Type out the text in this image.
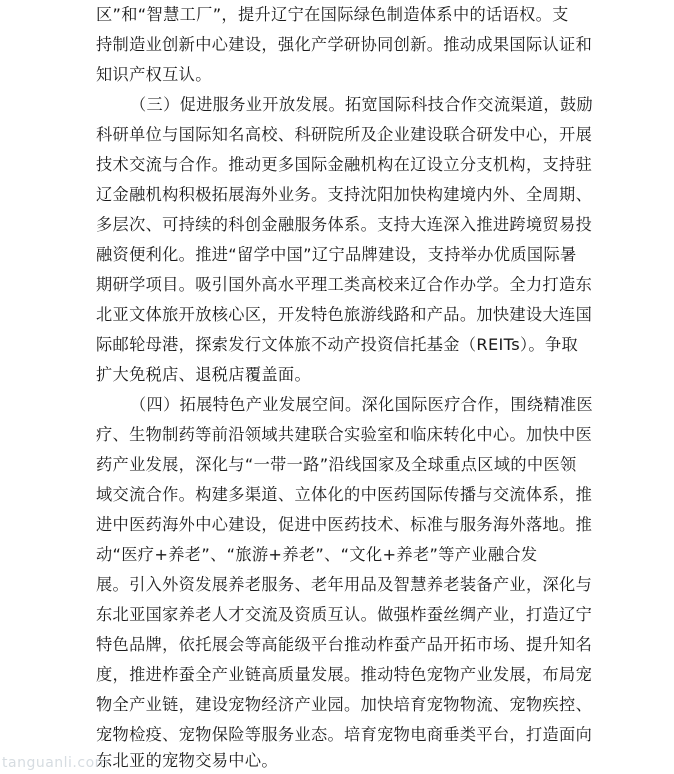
区”和“智慧工厂”，提升辽宁在国际绿色制造体系中的话语权。支
持制造业创新中心建设，强化产学研协同创新。推动成果国际认证和
知识产权互认。
（三）促进服务业开放发展。拓宽国际科技合作交流渠道，鼓励
科研单位与国际知名高校、科研院所及企业建设联合研发中心，开展
技术交流与合作。推动更多国际金融机构在辽设立分支机构，支持驻
辽金融机构积极拓展海外业务。支持沈阳加快构建境内外、全周期、
多层次、可持续的科创金融服务体系。支持大连深入推进跨境贸易投
融资便利化。推进“留学中国”辽宁品牌建设，支持举办优质国际暑
期研学项目。吸引国外高水平理工类高校来辽合作办学。全力打造东
北亚文体旅开放核心区，开发特色旅游线路和产品。加快建设大连国
际邮轮母港，探索发行文体旅不动产投资信托基金（REITs）。争取
扩大免税店、退税店覆盖面。
（四）拓展特色产业发展空间。深化国际医疗合作，围绕精准医
疗、生物制药等前沿领域共建联合实验室和临床转化中心。加快中医
药产业发展，深化与“一带一路”沿线国家及全球重点区域的中医领
域交流合作。构建多渠道、立体化的中医药国际传播与交流体系，推
进中医药海外中心建设，促进中医药技术、标准与服务海外落地。推
动“医疗+养老”、“旅游+养老”、“文化+养老”等产业融合发
展。引入外资发展养老服务、老年用品及智慧养老装备产业，深化与
东北亚国家养老人才交流及资质互认。做强柞蚕丝绸产业，打造辽宁
特色品牌，依托展会等高能级平台推动柞蚕产品开拓市场、提升知名
度，推进柞蚕全产业链高质量发展。推动特色宠物产业发展，布局宠
物全产业链，建设宠物经济产业园。加快培育宠物物流、宠物疾控、
宠物检疫、宠物保险等服务业态。培育宠物电商垂类平台，打造面向
东北亚的宠物交易中心。
tanguanli.com
